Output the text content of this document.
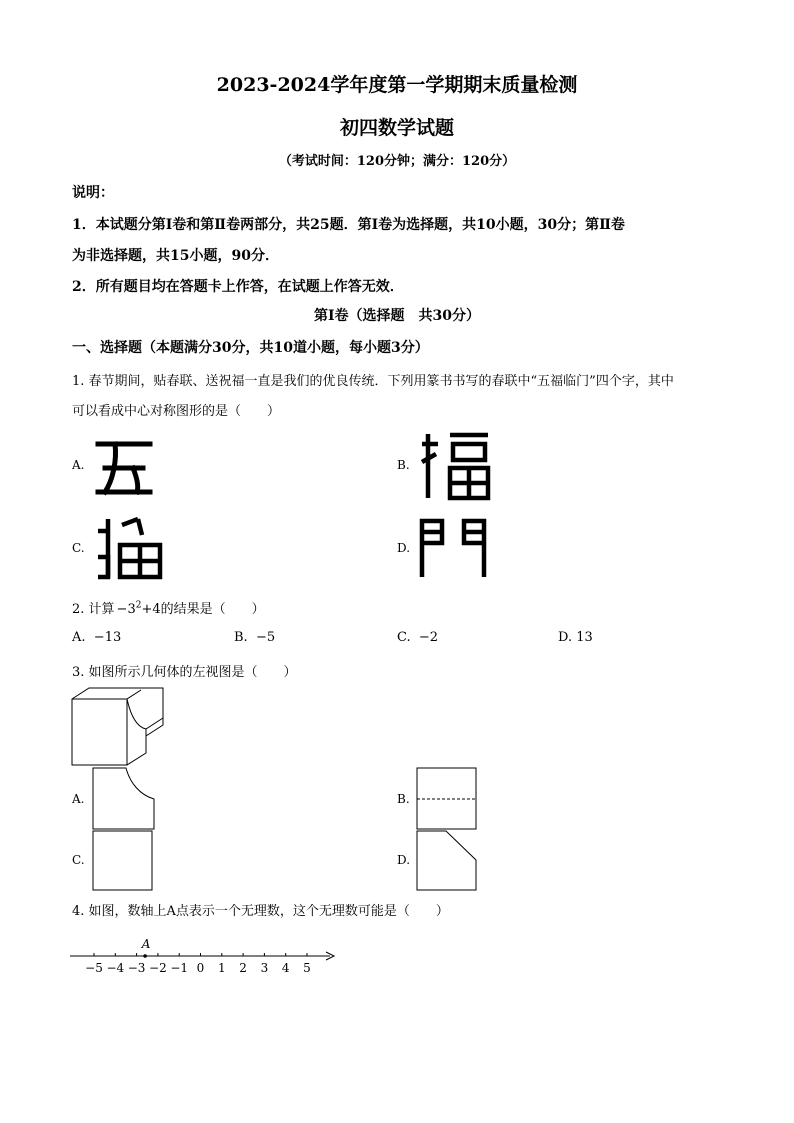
2023-2024学年度第一学期期末质量检测
初四数学试题
（考试时间：120分钟；满分：120分）
说明：
1．本试题分第Ⅰ卷和第Ⅱ卷两部分，共25题．第Ⅰ卷为选择题，共10小题，30分；第Ⅱ卷
为非选择题，共15小题，90分．
2．所有题目均在答题卡上作答，在试题上作答无效．
第Ⅰ卷（选择题　共30分）
一、选择题（本题满分30分，共10道小题，每小题3分）
1. 春节期间，贴春联、送祝福一直是我们的优良传统．下列用篆书书写的春联中“五福临门”四个字，其中
可以看成中心对称图形的是（　　）
A.	B.
C.	D.
2. 计算 $-3^2+4$的结果是（　　）
A. −13	B. −5	C. −2	D. 13
3. 如图所示几何体的左视图是（　　）
A.	B.
C.	D.
4. 如图，数轴上A点表示一个无理数，这个无理数可能是（　　）
−5 −4 −3 −2 −1 0 1 2 3 4 5
A
